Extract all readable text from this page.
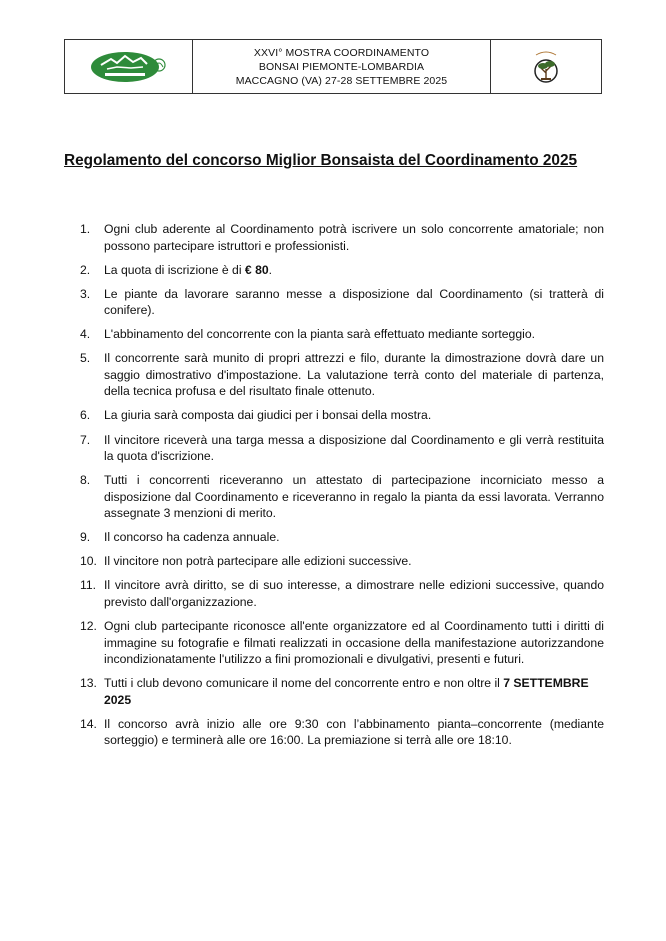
XXVI° MOSTRA COORDINAMENTO
BONSAI PIEMONTE-LOMBARDIA
MACCAGNO (VA) 27-28 SETTEMBRE 2025
Regolamento del concorso Miglior Bonsaista del Coordinamento 2025
1.	Ogni club aderente al Coordinamento potrà iscrivere un solo concorrente amatoriale; non possono partecipare istruttori e professionisti.
2.	La quota di iscrizione è di € 80.
3.	Le piante da lavorare saranno messe a disposizione dal Coordinamento (si tratterà di conifere).
4.	L'abbinamento del concorrente con la pianta sarà effettuato mediante sorteggio.
5.	Il concorrente sarà munito di propri attrezzi e filo, durante la dimostrazione dovrà dare un saggio dimostrativo d'impostazione. La valutazione terrà conto del materiale di partenza, della tecnica profusa e del risultato finale ottenuto.
6.	La giuria sarà composta dai giudici per i bonsai della mostra.
7.	Il vincitore riceverà una targa messa a disposizione dal Coordinamento e gli verrà restituita la quota d'iscrizione.
8.	Tutti i concorrenti riceveranno un attestato di partecipazione incorniciato messo a disposizione dal Coordinamento e riceveranno in regalo la pianta da essi lavorata. Verranno assegnate 3 menzioni di merito.
9.	Il concorso ha cadenza annuale.
10. Il vincitore non potrà partecipare alle edizioni successive.
11. Il vincitore avrà diritto, se di suo interesse, a dimostrare nelle edizioni successive, quando previsto dall'organizzazione.
12. Ogni club partecipante riconosce all'ente organizzatore ed al Coordinamento tutti i diritti di immagine su fotografie e filmati realizzati in occasione della manifestazione autorizzandone incondizionatamente l'utilizzo a fini promozionali e divulgativi, presenti e futuri.
13. Tutti i club devono comunicare il nome del concorrente entro e non oltre il 7 SETTEMBRE 2025
14. Il concorso avrà inizio alle ore 9:30 con l’abbinamento pianta–concorrente (mediante sorteggio) e terminerà alle ore 16:00. La premiazione si terrà alle ore 18:10.
